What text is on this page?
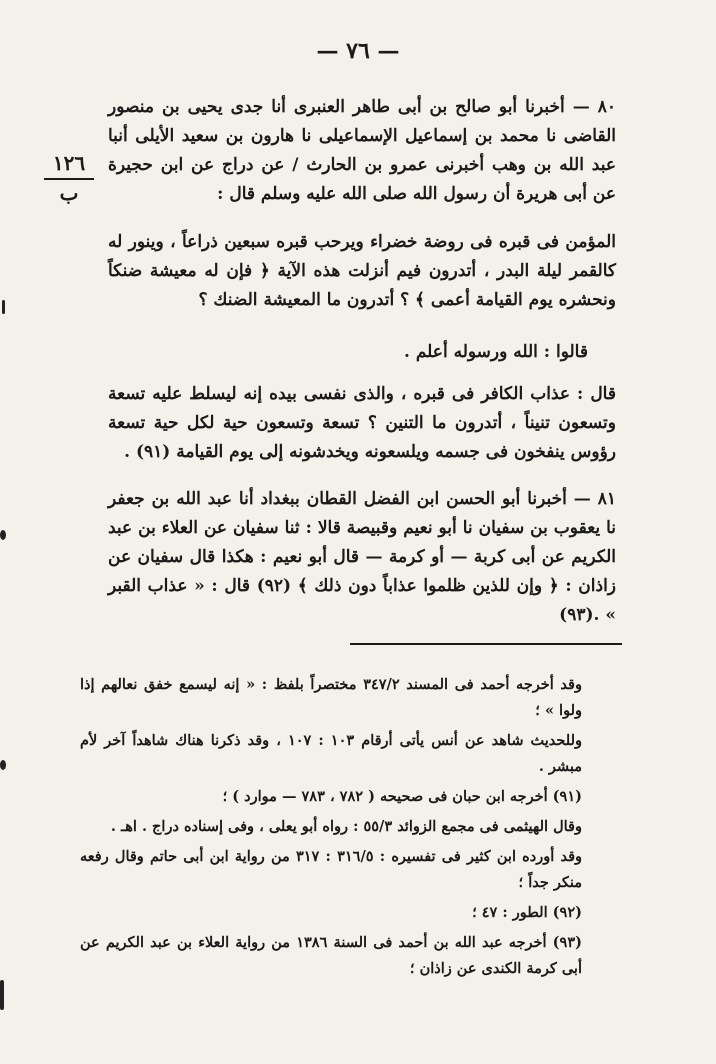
— ٧٦ —
١٢٦
ب

٨٠ — أخبرنا أبو صالح بن أبى طاهر العنبرى أنا جدى يحيى بن منصور القاضى نا محمد بن إسماعيل الإسماعيلى نا هارون بن سعيد الأيلى أنبا عبد الله بن وهب أخبرنى عمرو بن الحارث / عن دراج عن ابن حجيرة عن أبى هريرة أن رسول الله صلى الله عليه وسلم قال :

المؤمن فى قبره فى روضة خضراء ويرحب قبره سبعين ذراعاً ، وينور له كالقمر ليلة البدر ، أتدرون فيم أنزلت هذه الآية ﴿ فإن له معيشة ضنكاً ونحشره يوم القيامة أعمى ﴾ ؟ أتدرون ما المعيشة الضنك ؟

قالوا : الله ورسوله أعلم .

قال : عذاب الكافر فى قبره ، والذى نفسى بيده إنه ليسلط عليه تسعة وتسعون تنيناً ، أتدرون ما التنين ؟ تسعة وتسعون حية لكل حية تسعة رؤوس ينفخون فى جسمه ويلسعونه ويخدشونه إلى يوم القيامة (٩١) .

٨١ — أخبرنا أبو الحسن ابن الفضل القطان ببغداد أنا عبد الله بن جعفر نا يعقوب بن سفيان نا أبو نعيم وقبيصة قالا : ثنا سفيان عن العلاء بن عبد الكريم عن أبى كربة — أو كرمة — قال أبو نعيم : هكذا قال سفيان عن زاذان : ﴿ وإن للذين ظلموا عذاباً دون ذلك ﴾ (٩٢) قال : « عذاب القبر » .(٩٣)

وقد أخرجه أحمد فى المسند ٣٤٧/٢ مختصراً بلفظ : « إنه ليسمع خفق نعالهم إذا ولوا » ؛

وللحديث شاهد عن أنس يأتى أرقام ١٠٣ : ١٠٧ ، وقد ذكرنا هناك شاهداً آخر لأم مبشر .

(٩١) أخرجه ابن حبان فى صحيحه ( ٧٨٢ ، ٧٨٣ — موارد ) ؛

وقال الهيثمى فى مجمع الزوائد ٥٥/٣ : رواه أبو يعلى ، وفى إسناده دراج . اهـ .

وقد أورده ابن كثير فى تفسيره : ٣١٦/٥ : ٣١٧ من رواية ابن أبى حاتم وقال رفعه منكر جداً ؛

(٩٢) الطور : ٤٧ ؛

(٩٣) أخرجه عبد الله بن أحمد فى السنة ١٣٨٦ من رواية العلاء بن عبد الكريم عن أبى كرمة الكندى عن زاذان ؛
